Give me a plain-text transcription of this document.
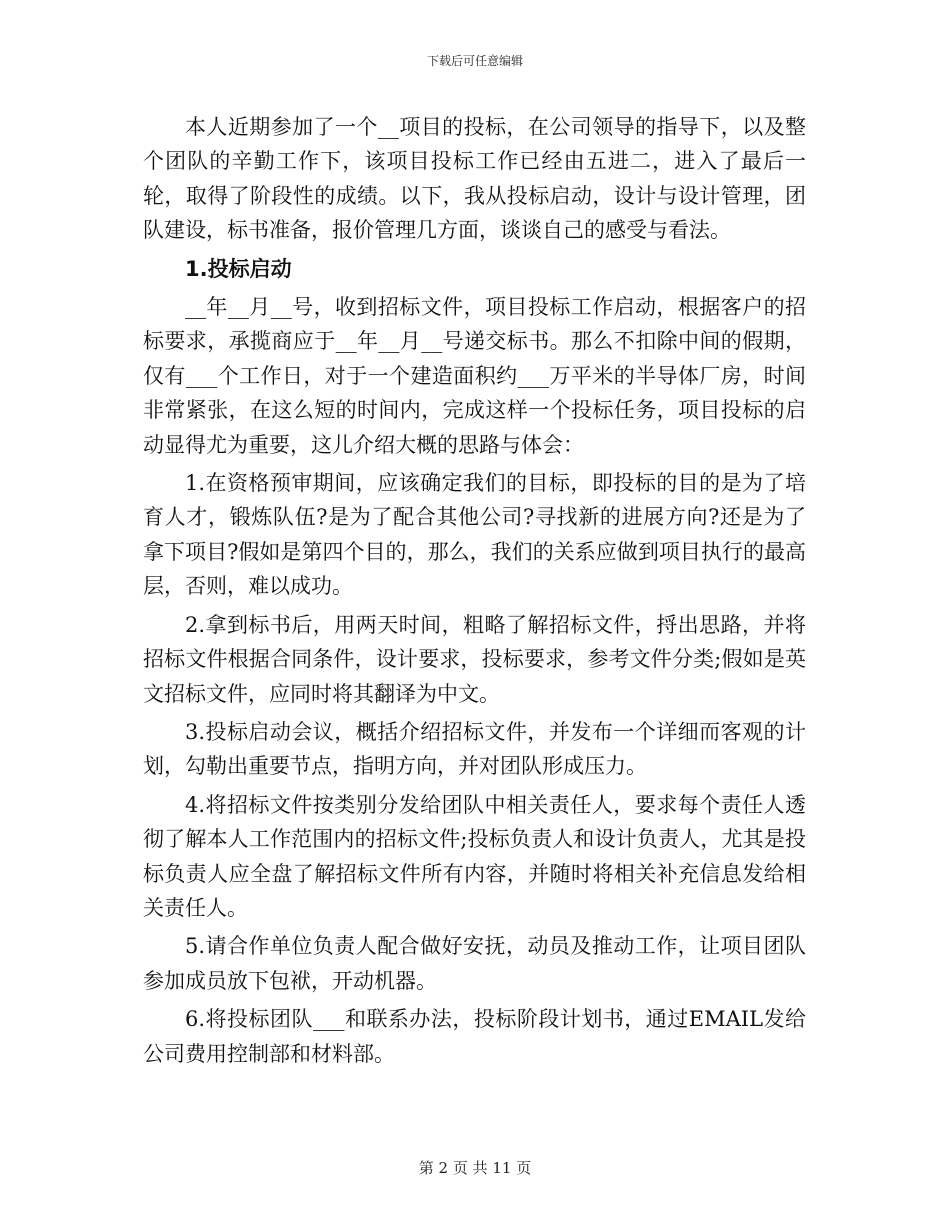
下载后可任意编辑

本人近期参加了一个__项目的投标，在公司领导的指导下，以及整个团队的辛勤工作下，该项目投标工作已经由五进二，进入了最后一轮，取得了阶段性的成绩。以下，我从投标启动，设计与设计管理，团队建设，标书准备，报价管理几方面，谈谈自己的感受与看法。

1.投标启动

__年__月__号，收到招标文件，项目投标工作启动，根据客户的招标要求，承揽商应于__年__月__号递交标书。那么不扣除中间的假期，仅有___个工作日，对于一个建造面积约___万平米的半导体厂房，时间非常紧张，在这么短的时间内，完成这样一个投标任务，项目投标的启动显得尤为重要，这儿介绍大概的思路与体会：

1.在资格预审期间，应该确定我们的目标，即投标的目的是为了培育人才，锻炼队伍?是为了配合其他公司?寻找新的进展方向?还是为了拿下项目?假如是第四个目的，那么，我们的关系应做到项目执行的最高层，否则，难以成功。

2.拿到标书后，用两天时间，粗略了解招标文件，捋出思路，并将招标文件根据合同条件，设计要求，投标要求，参考文件分类;假如是英文招标文件，应同时将其翻译为中文。

3.投标启动会议，概括介绍招标文件，并发布一个详细而客观的计划，勾勒出重要节点，指明方向，并对团队形成压力。

4.将招标文件按类别分发给团队中相关责任人，要求每个责任人透彻了解本人工作范围内的招标文件;投标负责人和设计负责人，尤其是投标负责人应全盘了解招标文件所有内容，并随时将相关补充信息发给相关责任人。

5.请合作单位负责人配合做好安抚，动员及推动工作，让项目团队参加成员放下包袱，开动机器。

6.将投标团队___和联系办法，投标阶段计划书，通过EMAIL发给公司费用控制部和材料部。

第 2 页 共 11 页
